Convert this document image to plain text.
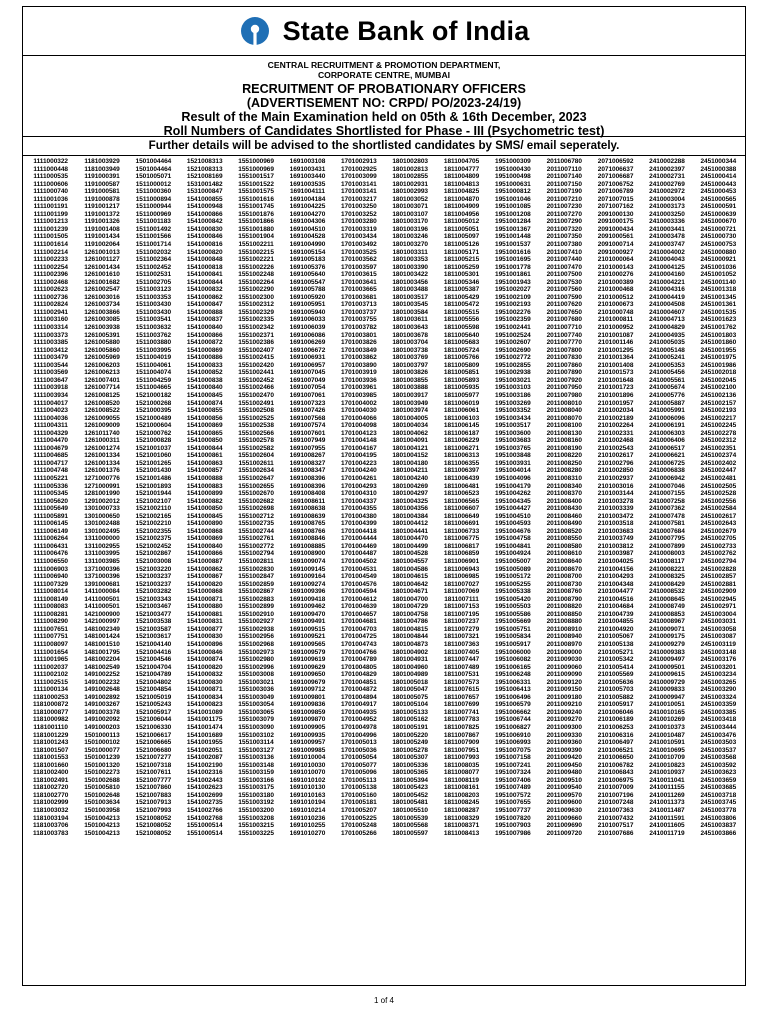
State Bank of India
CENTRAL RECRUITMENT & PROMOTION DEPARTMENT,
CORPORATE CENTRE, MUMBAI
RECRUITMENT OF PROBATIONARY OFFICERS
(ADVERTISEMENT NO: CRPD/ PO/2023-24/19)
Result of the Main Examination held on 05th & 16th December, 2023
Roll Numbers of Candidates Shortlisted for Phase - III (Psychometric test)
Further details will be advised to the shortlisted candidates by SMS/ email seperately.
1111000322	1181003929	1501004464	1521008313	1551000969	1691003108	1701002913	1801002803	1811004705	1951000309	2011006780	2071006592	2410002288	2451000344
1111000448	1181003949	1501004464	1521008313	1551000969	1691003431	1701002925	1801002813	1811004777	1951000430	2011007110	2071006637	2410002397	2451000388
1111000535	1191000391	1501005071	1521008169	1551001517	1691003440	1701003099	1801002855	1811004809	1951000498	2011007140	2071006687	2410002731	2451000414
1111000606	1191000587	1511000012	1531001482	1551001522	1691003535	1701003141	1801002931	1811004813	1951000631	2011007150	2071006752	2410002769	2451000443
1111000740	1191000581	1511000360	1531000847	1551001575	1691004111	1701003141	1801002993	1811004825	1951000812	2011007190	2071006789	2410002972	2451000453
1111001036	1191000878	1511000894	1541000855	1551001616	1691004184	1701003217	1801003052	1811004870	1951001046	2011007210	2071007015	2410003004	2451000565
1111001191	1191001217	1511000944	1541000948	1551001745	1691004225	1701003250	1801003071	1811004909	1951001085	2011007230	2071007162	2410003173	2451000591
1111001199	1191001372	1511000969	1541000866	1551001876	1691004270	1701003252	1801003107	1811004956	1951001208	2011007270	2091000130	2410003250	2451000639
1111001213	1191001326	1511001183	1541000842	1551001866	1691004306	1701003280	1801003170	1811005012	1951001284	2011007290	2091000175	2410003336	2451000670
1111001239	1191001408	1511001492	1541000830	1551001880	1691004510	1701003319	1801003196	1811005051	1951001367	2011007320	2091000434	2410003441	2451000721
1111001505	1191001434	1511001566	1541000846	1551001904	1691004528	1701003434	1801003246	1811005097	1951001448	2011007350	2091000561	2410003478	2451000730
1111001614	1191002064	1511001714	1541000816	1551002211	1691004990	1701003492	1801003270	1811005126	1951001537	2011007380	2091000714	2410003747	2451000753
1111002214	1261001013	1511002032	1541000820	1551002215	1691005154	1701003525	1801003311	1811005171	1951001616	2011007410	2091000927	2410004002	2451000880
1111002233	1261001127	1511002364	1541000848	1551002221	1691005183	1701003562	1801003353	1811005215	1951001695	2011007440	2101000064	2410004043	2451000921
1111002254	1261001434	1511002452	1541000818	1551002226	1691005376	1701003597	1801003390	1811005259	1951001778	2011007470	2101000143	2410004125	2451001036
1111002396	1261001610	1511002531	1541000841	1551002248	1691005640	1701003615	1801003422	1811005301	1951001861	2011007500	2101000276	2410004160	2451001052
1111002468	1261001682	1511002705	1541000844	1551002264	1691005547	1701003641	1801003456	1811005346	1951001943	2011007530	2101000389	2410004221	2451001140
1111002623	1261002547	1511003123	1541000832	1551002290	1691005788	1701003665	1801003488	1811005387	1951002027	2011007560	2101000468	2410004316	2451001318
1111002736	1261003016	1511003353	1541000862	1551002300	1691005920	1701003681	1801003517	1811005429	1951002109	2011007590	2101000512	2410004419	2451001345
1111002824	1261003734	1511003430	1541000847	1551002312	1691005951	1701003713	1801003545	1811005472	1951002193	2011007620	2101000673	2410004508	2451001361
1111002941	1261003866	1511003430	1541000888	1551002329	1691005940	1701003737	1801003584	1811005515	1951002276	2011007650	2101000748	2410004607	2451001535
1111003160	1261003085	1511003541	1541000837	1551002335	1691006033	1701003755	1801003611	1811005556	1951002359	2011007680	2101000811	2410004713	2451001623
1111003314	1261003938	1511003632	1541000840	1551002342	1691006039	1701003782	1801003643	1811005598	1951002441	2011007710	2101000952	2410004829	2451001762
1111003373	1261005391	1511003762	1541000866	1551002371	1691006086	1701003801	1801003678	1811005640	1951002524	2011007740	2101001087	2410004935	2451001803
1111003385	1261005880	1511003880	1541000872	1551002386	1691006269	1701003826	1801003704	1811005683	1951002607	2011007770	2101001146	2410005035	2451001860
1111003412	1261005860	1511003995	1541000869	1551002407	1691006672	1701003849	1801003738	1811005724	1951002690	2011007800	2101001295	2410005148	2451001955
1111003479	1261005969	1511004019	1541000886	1551002415	1691006931	1701003862	1801003769	1811005766	1951002772	2011007830	2101001364	2410005241	2451001975
1111003544	1261006203	1511004061	1541000833	1551002420	1691006957	1701003890	1801003797	1811005809	1951002855	2011007860	2101001408	2410005353	2451001986
1111003569	1261006213	1511004074	1541000852	1551002441	1691007045	1701003919	1801003826	1811005851	1951002938	2011007890	2101001573	2410005456	2451002018
1111003647	1261007401	1511004259	1541000838	1551002452	1691007049	1701003936	1801003855	1811005893	1951003021	2011007920	2101001648	2410005561	2451002045
1111003918	1261007714	1511004665	1541000840	1551002466	1691007054	1701003961	1801003888	1811005935	1951003103	2011007950	2101001723	2410005674	2451002100
1111003934	1261008125	1521000182	1541000845	1551002470	1691007061	1701003985	1801003917	1811005977	1951003186	2011007980	2101001896	2410005776	2451002136
1111004017	1261008520	1521000268	1541000874	1551002491	1691007323	1701004002	1801003949	1811006019	1951003269	2011008010	2101001957	2410005887	2451002157
1111004023	1261008522	1521000395	1541000855	1551002508	1691007426	1701004030	1801003974	1811006061	1951003352	2011008040	2101002034	2410005991	2451002193
1111004036	1261009055	1521000489	1541000856	1551002525	1691007568	1701004066	1801004005	1811006103	1951003434	2011008070	2101002189	2410006096	2451002217
1111004311	1261009009	1521000604	1541000869	1551002538	1691007574	1701004098	1801004034	1811006145	1951003517	2011008100	2101002264	2410006191	2451002245
1111004329	1261011740	1521000762	1541000865	1551002566	1691007601	1701004123	1801004062	1811006187	1951003600	2011008130	2101002331	2410006303	2451002278
1111004470	1261000311	1521000828	1541000850	1551002578	1691007949	1701004148	1801004091	1811006229	1951003683	2011008160	2101002468	2410006406	2451002312
1111004679	1261001274	1521001037	1541000844	1551002582	1691007955	1701004167	1801004121	1811006271	1951003765	2011008190	2101002543	2410006517	2451002351
1111004685	1261001334	1521001060	1541000861	1551002604	1691008267	1701004195	1801004152	1811006313	1951003848	2011008220	2101002617	2410006621	2451002374
1111004717	1261001334	1521001265	1541000863	1551002611	1691008327	1701004223	1801004180	1811006355	1951003931	2011008250	2101002796	2410006725	2451002402
1111004748	1261001376	1521001430	1541000857	1551002634	1691008347	1701004240	1801004211	1811006397	1951004014	2011008280	2101002850	2410006838	2451002447
1111005221	1271000776	1521001486	1541000888	1551002647	1691008396	1701004261	1801004240	1811006439	1951004096	2011008310	2101002937	2410006942	2451002481
1111005336	1271000991	1521001893	1541000883	1551002655	1691008396	1701004293	1801004269	1811006481	1951004179	2011008340	2101003016	2410007046	2451002505
1111005345	1281001990	1521001944	1541000899	1551002670	1691008408	1701004310	1801004297	1811006523	1951004262	2011008370	2101003144	2410007155	2451002528
1111005620	1291002012	1521002107	1541000882	1551002682	1691008611	1701004337	1801004325	1811006565	1951004345	2011008400	2101003278	2410007258	2451002556
1111005649	1301000733	1521002110	1541000850	1551002698	1691008638	1701004355	1801004356	1811006607	1951004427	2011008430	2101003339	2410007362	2451002584
1111005891	1301000650	1521002165	1541000845	1551002712	1691008639	1701004380	1801004384	1811006649	1951004510	2011008460	2101003472	2410007478	2451002617
1111006145	1301002488	1521002210	1541000890	1551002735	1691008765	1701004399	1801004412	1811006691	1951004593	2011008490	2101003518	2410007581	2451002643
1111006149	1301002495	1521002355	1541000868	1551002744	1691008766	1701004418	1801004441	1811006733	1951004676	2011008520	2101003683	2410007684	2451002679
1111006264	1311000000	1521002375	1541000869	1551002761	1691008846	1701004444	1801004470	1811006775	1951004758	2011008550	2101003749	2410007795	2451002705
1111006431	1311002955	1521002452	1541000840	1551002772	1691008885	1701004469	1801004499	1811006817	1951004841	2011008580	2101003812	2410007899	2451002733
1111006476	1311003995	1521002867	1541000866	1551002794	1691008900	1701004487	1801004528	1811006859	1951004924	2011008610	2101003987	2410008003	2451002762
1111006550	1311003985	1521003008	1541000887	1551002811	1691009074	1701004502	1801004557	1811006901	1951005007	2011008640	2101004025	2410008117	2451002794
1111006903	1371000396	1521003220	1541000862	1551002830	1691009145	1701004531	1801004586	1811006943	1951005089	2011008670	2101004156	2410008221	2451002828
1111006940	1371000396	1521003237	1541000867	1551002847	1691009164	1701004549	1801004615	1811006985	1951005172	2011008700	2101004293	2410008325	2451002857
1111007329	1391000681	1521003237	1541000820	1551002859	1691009274	1701004576	1801004642	1811007027	1951005255	2011008730	2101004348	2410008429	2451002881
1111008014	1411000084	1521003282	1541000868	1551002867	1691009396	1701004594	1801004671	1811007069	1951005338	2011008760	2101004477	2410008532	2451002909
1111008149	1411000501	1521003343	1541000871	1551002883	1691009418	1701004612	1801004700	1811007111	1951005420	2011008790	2101004516	2410008645	2451002945
1111008083	1411000501	1521003467	1541000880	1551002899	1691009462	1701004639	1801004729	1811007153	1951005503	2011008820	2101004684	2410008749	2451002971
1111008281	1421000900	1521003477	1541000881	1551002910	1691009470	1701004657	1801004758	1811007195	1951005586	2011008850	2101004739	2410008853	2451003004
1111008290	1421000997	1521003538	1541000831	1551002927	1691009491	1701004681	1801004786	1811007237	1951005669	2011008880	2101004855	2410008967	2451003031
1111007651	1481002349	1521003587	1541000877	1551002938	1691009515	1701004703	1801004815	1811007279	1951005751	2011008910	2101004920	2410009071	2451003058
1111007751	1481001424	1521003617	1541000830	1551002956	1691009521	1701004725	1801004844	1811007321	1951005834	2011008940	2101005067	2410009175	2451003087
1111008097	1481001510	1521004140	1541000896	1551002968	1691009565	1701004743	1801004873	1811007363	1951005917	2011008970	2101005138	2410009279	2451003119
1111001654	1481001795	1521004416	1541000846	1551002973	1691009579	1701004766	1801004902	1811007405	1951006000	2011009000	2101005271	2410009383	2451003148
1111001965	1481002204	1521004546	1541000874	1551002980	1691009619	1701004789	1801004931	1811007447	1951006082	2011009030	2101005342	2410009497	2451003176
1111002037	1481002549	1521004704	1541000820	1551002996	1691009629	1701004805	1801004960	1811007489	1951006165	2011009060	2101005414	2410009501	2451003201
1111002102	1491002252	1521004789	1541000832	1551003008	1691009650	1701004829	1801004989	1811007531	1951006248	2011009090	2101005569	2410009615	2451003234
1111002515	1491002232	1521004802	1541000830	1551003021	1691009679	1701004851	1801005018	1811007573	1951006331	2011009120	2101005636	2410009729	2451003265
1111000134	1491002648	1521004854	1541000871	1551003036	1691009712	1701004872	1801005047	1811007615	1951006413	2011009150	2101005703	2410009833	2451003290
1181000253	1491002892	1521005019	1541000834	1551003049	1691009801	1701004894	1801005075	1811007657	1951006496	2011009180	2101005882	2410009947	2451003324
1181000872	1491003267	1521005243	1541000823	1551003054	1691009836	1701004917	1801005104	1811007699	1951006579	2011009210	2101005917	2410010051	2451003359
1181000877	1491003378	1521005917	1541001089	1551003065	1691009859	1701004935	1801005133	1811007741	1951006662	2011009240	2101006046	2410010165	2451003385
1181000982	1491002092	1521006044	1541001175	1551003079	1691009870	1701004952	1801005162	1811007783	1951006744	2011009270	2101006189	2410010269	2451003418
1181001110	1491000203	1521006330	1541001474	1551003090	1691009905	1701004978	1801005191	1811007825	1951006827	2011009300	2101006253	2410010373	2451003444
1181001229	1501000113	1521006617	1541001689	1551003102	1691009935	1701004996	1801005220	1811007867	1951006910	2011009330	2101006316	2410010487	2451003476
1181001243	1501000102	1521006665	1541001955	1551003114	1691009957	1701005013	1801005249	1811007909	1951006993	2011009360	2101006497	2410010591	2451003503
1181001507	1501000077	1521006680	1541002051	1551003127	1691009985	1701005036	1801005278	1811007951	1951007075	2011009390	2101006521	2410010695	2451003537
1181001553	1501001239	1521007277	1541002087	1551003136	1691010004	1701005054	1801005307	1811007993	1951007158	2011009420	2101006650	2410010709	2451003568
1181001660	1501001320	1521007318	1541002190	1551003148	1691010030	1701005077	1801005336	1811008035	1951007241	2011009450	2101006782	2410010823	2451003592
1181002400	1501002273	1521007611	1541002316	1551003159	1691010070	1701005096	1801005365	1811008077	1951007324	2011009480	2101006843	2410010937	2451003623
1181002491	1501002688	1521007777	1541002443	1551003166	1691010102	1701005113	1801005394	1811008119	1951007406	2011009510	2101006975	2410011041	2451003659
1181002720	1501005810	1521007860	1541002623	1551003175	1691010130	1701005138	1801005423	1811008161	1951007489	2011009540	2101007009	2410011155	2451003685
1181002770	1501002648	1521007883	1541002699	1551003180	1691010163	1701005160	1801005452	1811008203	1951007572	2011009570	2101007196	2410011269	2451003718
1181002999	1501003634	1521007913	1541002735	1551003192	1691010194	1701005181	1801005481	1811008245	1951007655	2011009600	2101007248	2410011373	2451003745
1181003032	1501003958	1521007993	1541002766	1551003200	1691010214	1701005207	1801005510	1811008287	1951007737	2011009630	2101007363	2410011487	2451003778
1181003194	1501004213	1521008052	1541002768	1551003208	1691010236	1701005225	1801005539	1811008329	1951007820	2011009660	2101007432	2410011591	2451003806
1181003706	1501004213	1521008052	1551000514	1551003215	1691010255	1701005248	1801005568	1811008371	1951007903	2011009690	2101007517	2410011605	2451003837
1181003783	1501004213	1521008052	1551000514	1551003225	1691010270	1701005266	1801005597	1811008413	1951007986	2011009720	2101007686	2410011719	2451003866
1 of 4
